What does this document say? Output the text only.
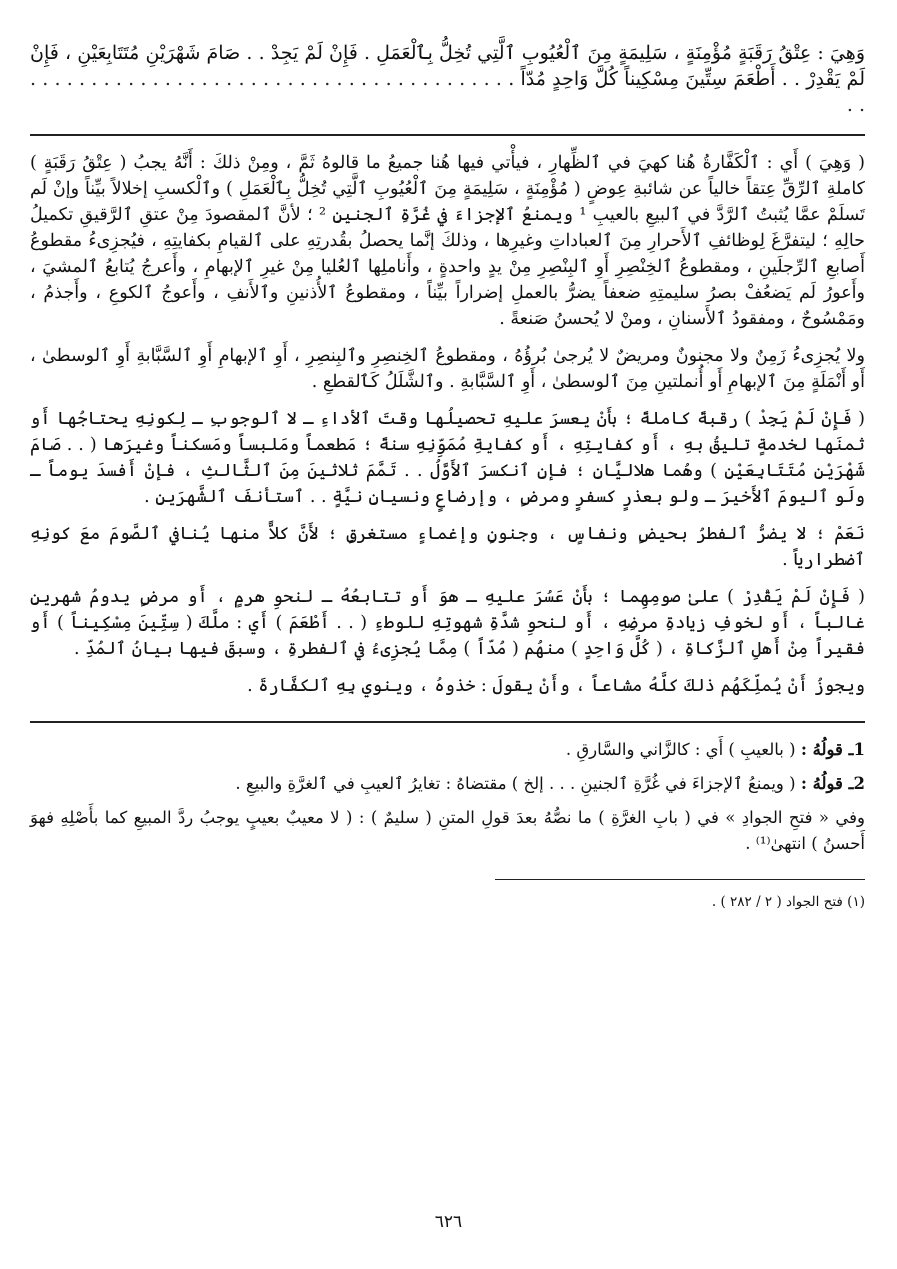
وَهِيَ : عِتْقُ رَقَبَةٍ مُؤْمِنَةٍ ، سَلِيمَةٍ مِنَ ٱلْعُيُوبِ ٱلَّتِي تُخِلُّ بِٱلْعَمَلِ . فَإِنْ لَمْ يَجِدْ . . صَامَ شَهْرَيْنِ مُتَتَابِعَيْنِ ، فَإِنْ لَمْ يَقْدِرْ . . أَطْعَمَ سِتِّينَ مِسْكِيناً كُلَّ وَاحِدٍ مُدّاً . . . . . . . . . . . . . . . . . . . . . . . . . . . . . . . . . . . . . . . . . .

( وَهِيَ ) أَي : ٱلْكَفَّارةُ هُنا كهيَ في ٱلظِّهارِ ، فيأْتي فيها هُنا جميعُ ما قالوهُ ثَمَّ ، ومِنْ ذلكَ : أَنَّهُ يجبُ ( عِتْقُ رَقَبَةٍ ) كاملةِ ٱلرِّقِّ عِتقاً خالياً عن شائبةِ عِوضٍ ( مُؤْمِنَةٍ ، سَلِيمَةٍ مِنَ ٱلْعُيُوبِ ٱلَّتِي تُخِلُّ بِٱلْعَمَلِ ) وٱلْكسبِ إخلالاً بيِّناً وإنْ لَم تَسلَمْ عمَّا يُثبتُ ٱلرَّدَّ في ٱلبيعِ بالعيبِ ¹ ويمنعُ ٱلإجزاءَ في غُرَّةِ ٱلجنينِ ² ؛ لأنَّ ٱلمقصودَ مِنْ عتقِ ٱلرَّقيقِ تكميلُ حالِهِ ؛ ليتفرَّغَ لِوظائفِ ٱلأَحرارِ مِنَ ٱلعباداتِ وغيرِها ، وذلكَ إنَّما يحصلُ بقُدرتِهِ على ٱلقيامِ بكفايتِهِ ، فيُجزِىءُ مقطوعُ أَصابعِ ٱلرِّجلَينِ ، ومقطوعُ ٱلخِنْصِرِ أَوِ ٱلبِنْصِرِ مِنْ يدٍ واحدةٍ ، وأَناملِها ٱلعُليا مِنْ غيرِ ٱلإبهامِ ، وأَعرجُ يُتابعُ ٱلمشيَ ، وأَعورُ لَم يَضعُفْ بصرُ سليمتِهِ ضعفاً يضرُّ بالعملِ إضراراً بيِّناً ، ومقطوعُ ٱلأُذنينِ وٱلأَنفِ ، وأَعوجُ ٱلكوعِ ، وأَجذمُ ، ومَمْسُوحٌ ، ومفقودُ ٱلأَسنانِ ، ومنْ لا يُحسنُ صَنعةً .

ولا يُجزِىءُ زَمِنٌ ولا مجنونٌ ومريضٌ لا يُرجىٰ بُرؤُهُ ، ومقطوعُ ٱلخِنصِرِ وٱلبِنصِرِ ، أَوِ ٱلإبهامِ أَوِ ٱلسَّبَّابةِ أَوِ ٱلوسطىٰ ، أَو أَنْمَلَةٍ مِنَ ٱلإبهامِ أَو أُنملتينِ مِنَ ٱلوسطىٰ ، أَوِ ٱلسَّبَّابةِ . وٱلشَّلَلُ كَٱلقطعِ .

( فَإِنْ لَمْ يَجِدْ ) رقبةً كاملةً ؛ بأَنْ يعسرَ عليهِ تحصيلُها وقتَ ٱلأداءِ ـ لا ٱلوجوبِ ـ لِكونِهِ يحتاجُها أَو ثمنَها لخدمةٍ تليقُ بهِ ، أَو كفايتِهِ ، أَو كفايةِ مُمَوِّنِهِ سنةً ؛ مَطعماً ومَلبساً ومَسكناً وغيرَها ( . . صَامَ شَهْرَيْنِ مُتَتَابِعَيْنِ ) وهُما هلاليَّانِ ؛ فإنِ ٱنكسرَ ٱلأَوَّلُ . . تَمَّمَ ثلاثينَ مِنَ ٱلثَّالثِ ، فإنْ أَفسدَ يوماً ـ ولَو ٱليومَ ٱلأَخيرَ ـ ولو بعذرٍ كسفرٍ ومرضٍ ، وإرضاعٍ ونسيانِ نيَّةٍ . . ٱستأنفَ ٱلشَّهرَينِ .

نَعَمْ ؛ لا يضرُّ ٱلفطرُ بحيضٍ ونفاسٍ ، وجنونٍ وإغماءٍ مستغرقٍ ؛ لأَنَّ كلاًّ منها يُنافي ٱلصَّومَ معَ كونِهِ ٱضطرارياً .

( فَإِنْ لَمْ يَقْدِرْ ) علىٰ صومِهِما ؛ بأَنْ عَسُرَ عليهِ ـ هوَ أَو تتابعُهُ ـ لنحوِ هرمٍ ، أَو مرضٍ يدومُ شهرينِ غالباً ، أَو لخوفِ زيادةِ مرضِهِ ، أَو لنحوِ شدَّةِ شهوتِهِ للوطءِ ( . . أَطْعَمَ ) أَي : ملَّكَ ( سِتِّينَ مِسْكِيناً ) أَو فقيراً مِنْ أَهلِ ٱلزَّكاةِ ، ( كُلَّ وَاحِدٍ ) منهُم ( مُدّاً ) مِمَّا يُجزِىءُ في ٱلفطرةِ ، وسبقَ فيها بيانُ ٱلمُدِّ .

ويجوزُ أَنْ يُملِّكَهُم ذلكَ كلَّهُ مشاعاً ، وأَنْ يقولَ : خذوهُ ، وينوي بِهِ ٱلكفَّارةَ .

1ـ قولُهُ : ( بالعيبِ ) أَي : كالزَّاني والسَّارقِ .

2ـ قولُهُ : ( ويمنعُ ٱلإجزاءَ في غُرَّةِ ٱلجنينِ . . . إلخ ) مقتضاهُ : تغايرُ ٱلعيبِ في ٱلغرَّةِ والبيعِ .

وفي « فتحِ الجوادِ » في ( بابِ الغرَّةِ ) ما نصُّهُ بعدَ قولِ المتنِ ( سليمٌ ) : ( لا معيبٌ بعيبٍ يوجبُ ردَّ المبيعِ كما بأَصْلِهِ فهوَ أَحسنُ ) انتهىٰ⁽¹⁾ .

(١) فتح الجواد ( ٢ / ٢٨٢ ) .

٦٢٦
